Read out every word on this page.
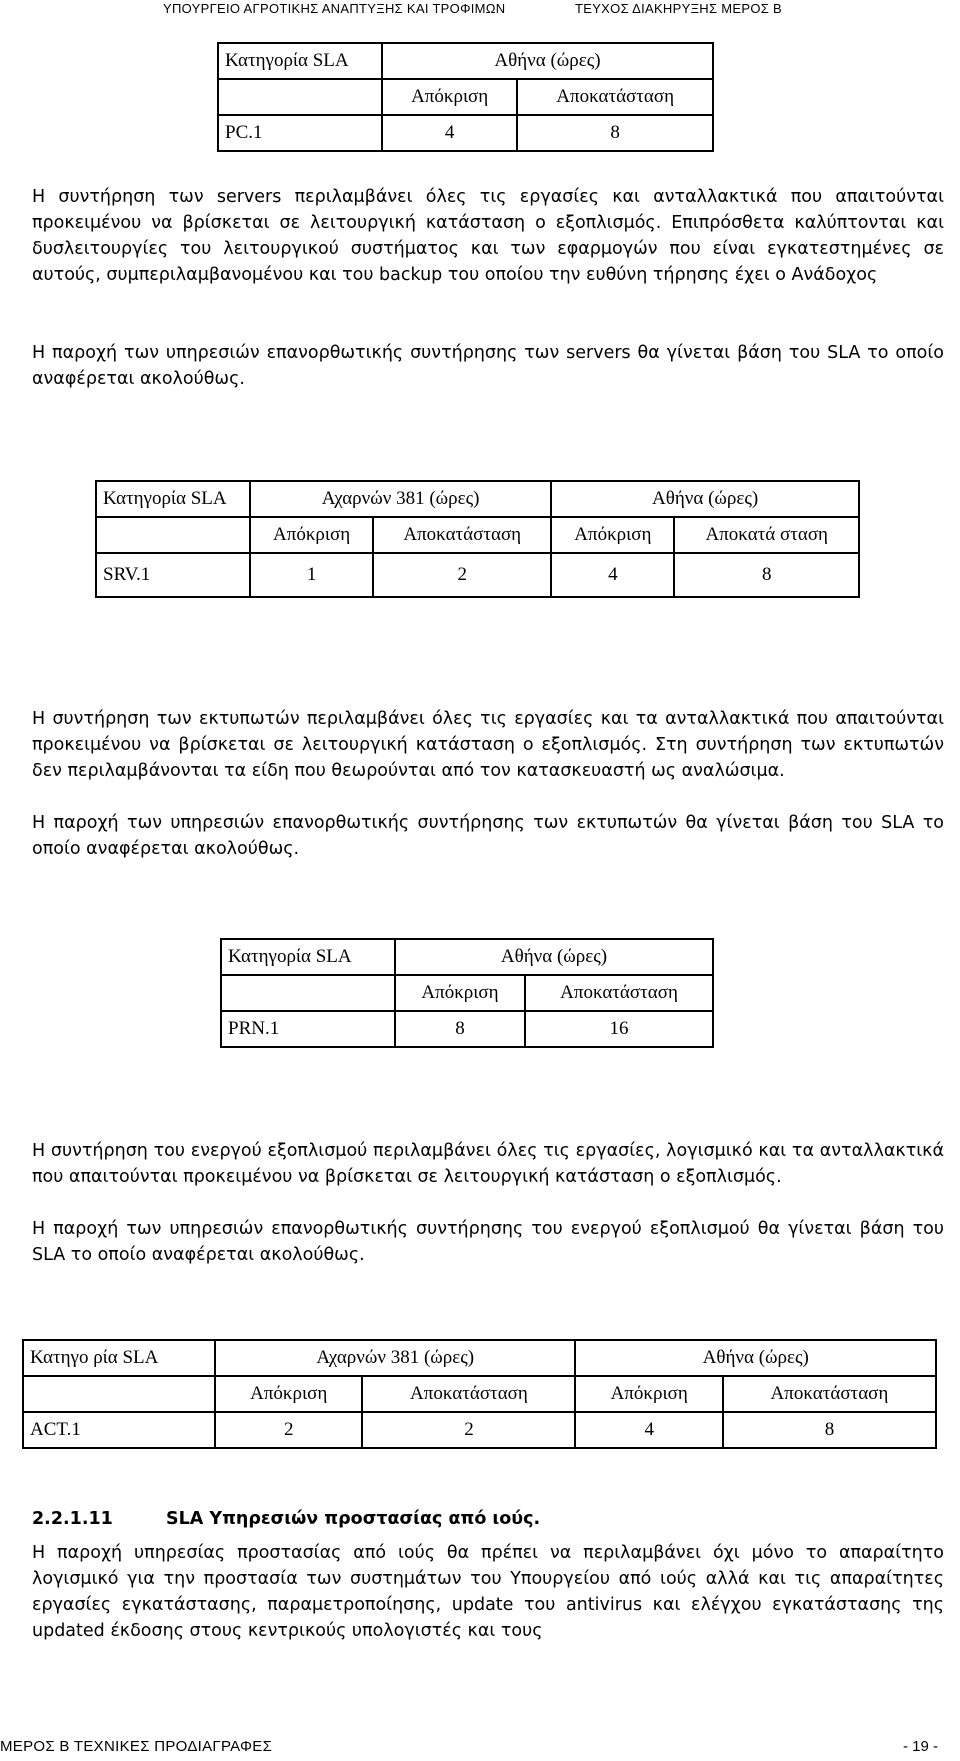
ΥΠΟΥΡΓΕΙΟ ΑΓΡΟΤΙΚΗΣ ΑΝΑΠΤΥΞΗΣ ΚΑΙ ΤΡΟΦΙΜΩΝ	ΤΕΥΧΟΣ ΔΙΑΚΗΡΥΞΗΣ ΜΕΡΟΣ Β
Κατηγορία SLA	Αθήνα (ώρες)	
	Απόκριση	Αποκατάσταση
PC.1	4	8

Η συντήρηση των servers περιλαμβάνει όλες τις εργασίες και ανταλλακτικά που απαιτούνται προκειμένου να βρίσκεται σε λειτουργική κατάσταση ο εξοπλισμός. Επιπρόσθετα καλύπτονται και δυσλειτουργίες του λειτουργικού συστήματος και των εφαρμογών που είναι εγκατεστημένες σε αυτούς, συμπεριλαμβανομένου και του backup του οποίου την ευθύνη τήρησης έχει ο Ανάδοχος

Η παροχή των υπηρεσιών επανορθωτικής συντήρησης των servers θα γίνεται βάση του SLA το οποίο αναφέρεται ακολούθως.

Κατηγορία SLA	Αχαρνών 381 (ώρες)		Αθήνα (ώρες)	
	Απόκριση	Αποκατάσταση	Απόκριση	Αποκατά σταση
SRV.1	1	2	4	8

Η συντήρηση των εκτυπωτών περιλαμβάνει όλες τις εργασίες και τα ανταλλακτικά που απαιτούνται προκειμένου να βρίσκεται σε λειτουργική κατάσταση ο εξοπλισμός. Στη συντήρηση των εκτυπωτών δεν περιλαμβάνονται τα είδη που θεωρούνται από τον κατασκευαστή ως αναλώσιμα.

Η παροχή των υπηρεσιών επανορθωτικής συντήρησης των εκτυπωτών θα γίνεται βάση του SLA το οποίο αναφέρεται ακολούθως.

Κατηγορία SLA	Αθήνα (ώρες)	
	Απόκριση	Αποκατάσταση
PRN.1	8	16

Η συντήρηση του ενεργού εξοπλισμού περιλαμβάνει όλες τις εργασίες, λογισμικό και τα ανταλλακτικά που απαιτούνται προκειμένου να βρίσκεται σε λειτουργική κατάσταση ο εξοπλισμός.

Η παροχή των υπηρεσιών επανορθωτικής συντήρησης του ενεργού εξοπλισμού θα γίνεται βάση του SLA το οποίο αναφέρεται ακολούθως.

Κατηγο ρία SLA	Αχαρνών 381 (ώρες)		Αθήνα (ώρες)	
	Απόκριση	Αποκατάσταση	Απόκριση	Αποκατάσταση
ACT.1	2	2	4	8
2.2.1.11	SLA Υπηρεσιών προστασίας από ιούς.

Η παροχή υπηρεσίας προστασίας από ιούς θα πρέπει να περιλαμβάνει όχι μόνο το απαραίτητο λογισμικό για την προστασία των συστημάτων του Υπουργείου από ιούς αλλά και τις απαραίτητες εργασίες εγκατάστασης, παραμετροποίησης, update του antivirus και ελέγχου εγκατάστασης της updated έκδοσης στους κεντρικούς υπολογιστές και τους

ΜΕΡΟΣ Β ΤΕΧΝΙΚΕΣ ΠΡΟΔΙΑΓΡΑΦΕΣ	- 19 -
